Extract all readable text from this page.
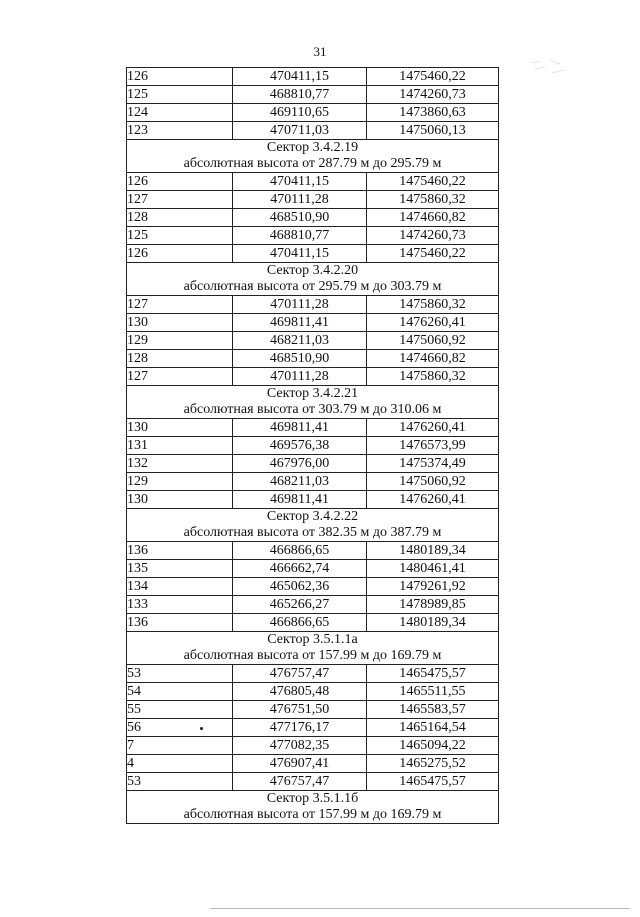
31
126	470411,15	1475460,22
125	468810,77	1474260,73
124	469110,65	1473860,63
123	470711,03	1475060,13

Сектор 3.4.2.19
абсолютная высота от 287.79 м до 295.79 м		

126	470411,15	1475460,22
127	470111,28	1475860,32
128	468510,90	1474660,82
125	468810,77	1474260,73
126	470411,15	1475460,22

Сектор 3.4.2.20
абсолютная высота от 295.79 м до 303.79 м		

127	470111,28	1475860,32
130	469811,41	1476260,41
129	468211,03	1475060,92
128	468510,90	1474660,82
127	470111,28	1475860,32

Сектор 3.4.2.21
абсолютная высота от 303.79 м до 310.06 м		

130	469811,41	1476260,41
131	469576,38	1476573,99
132	467976,00	1475374,49
129	468211,03	1475060,92
130	469811,41	1476260,41

Сектор 3.4.2.22
абсолютная высота от 382.35 м до 387.79 м		

136	466866,65	1480189,34
135	466662,74	1480461,41
134	465062,36	1479261,92
133	465266,27	1478989,85
136	466866,65	1480189,34

Сектор 3.5.1.1а
абсолютная высота от 157.99 м до 169.79 м		

53	476757,47	1465475,57
54	476805,48	1465511,55
55	476751,50	1465583,57
56	477176,17	1465164,54
7	477082,35	1465094,22
4	476907,41	1465275,52
53	476757,47	1465475,57

Сектор 3.5.1.1б
абсолютная высота от 157.99 м до 169.79 м		
